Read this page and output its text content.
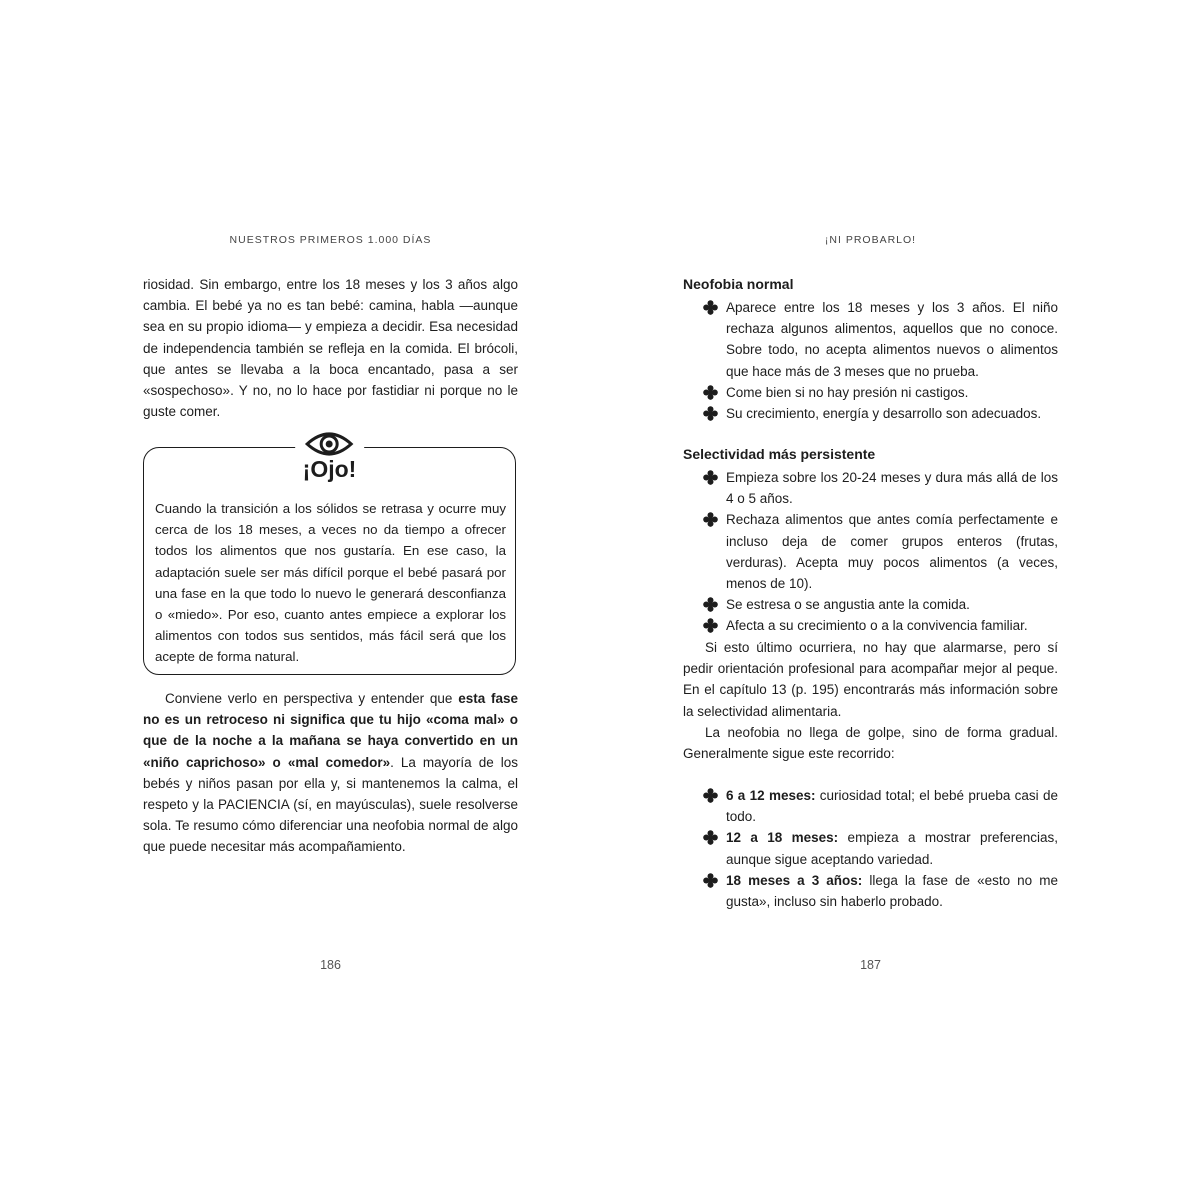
NUESTROS PRIMEROS 1.000 DÍAS

riosidad. Sin embargo, entre los 18 meses y los 3 años algo cambia. El bebé ya no es tan bebé: camina, habla —aunque sea en su propio idioma— y empieza a decidir. Esa necesidad de independencia también se refleja en la comida. El brócoli, que antes se llevaba a la boca encantado, pasa a ser «sospechoso». Y no, no lo hace por fastidiar ni porque no le guste comer.

¡Ojo!

Cuando la transición a los sólidos se retrasa y ocurre muy cerca de los 18 meses, a veces no da tiempo a ofrecer todos los alimentos que nos gustaría. En ese caso, la adaptación suele ser más difícil porque el bebé pasará por una fase en la que todo lo nuevo le generará desconfianza o «miedo». Por eso, cuanto antes empiece a explorar los alimentos con todos sus sentidos, más fácil será que los acepte de forma natural.

Conviene verlo en perspectiva y entender que esta fase no es un retroceso ni significa que tu hijo «coma mal» o que de la noche a la mañana se haya convertido en un «niño caprichoso» o «mal comedor». La mayoría de los bebés y niños pasan por ella y, si mantenemos la calma, el respeto y la PACIENCIA (sí, en mayúsculas), suele resolverse sola. Te resumo cómo diferenciar una neofobia normal de algo que puede necesitar más acompañamiento.

186
¡NI PROBARLO!
Neofobia normal
Aparece entre los 18 meses y los 3 años. El niño rechaza algunos alimentos, aquellos que no conoce. Sobre todo, no acepta alimentos nuevos o alimentos que hace más de 3 meses que no prueba.
Come bien si no hay presión ni castigos.
Su crecimiento, energía y desarrollo son adecuados.
Selectividad más persistente
Empieza sobre los 20-24 meses y dura más allá de los 4 o 5 años.
Rechaza alimentos que antes comía perfectamente e incluso deja de comer grupos enteros (frutas, verduras). Acepta muy pocos alimentos (a veces, menos de 10).
Se estresa o se angustia ante la comida.
Afecta a su crecimiento o a la convivencia familiar.

Si esto último ocurriera, no hay que alarmarse, pero sí pedir orientación profesional para acompañar mejor al peque. En el capítulo 13 (p. 195) encontrarás más información sobre la selectividad alimentaria.

La neofobia no llega de golpe, sino de forma gradual. Generalmente sigue este recorrido:

6 a 12 meses: curiosidad total; el bebé prueba casi de todo.
12 a 18 meses: empieza a mostrar preferencias, aunque sigue aceptando variedad.
18 meses a 3 años: llega la fase de «esto no me gusta», incluso sin haberlo probado.
187
